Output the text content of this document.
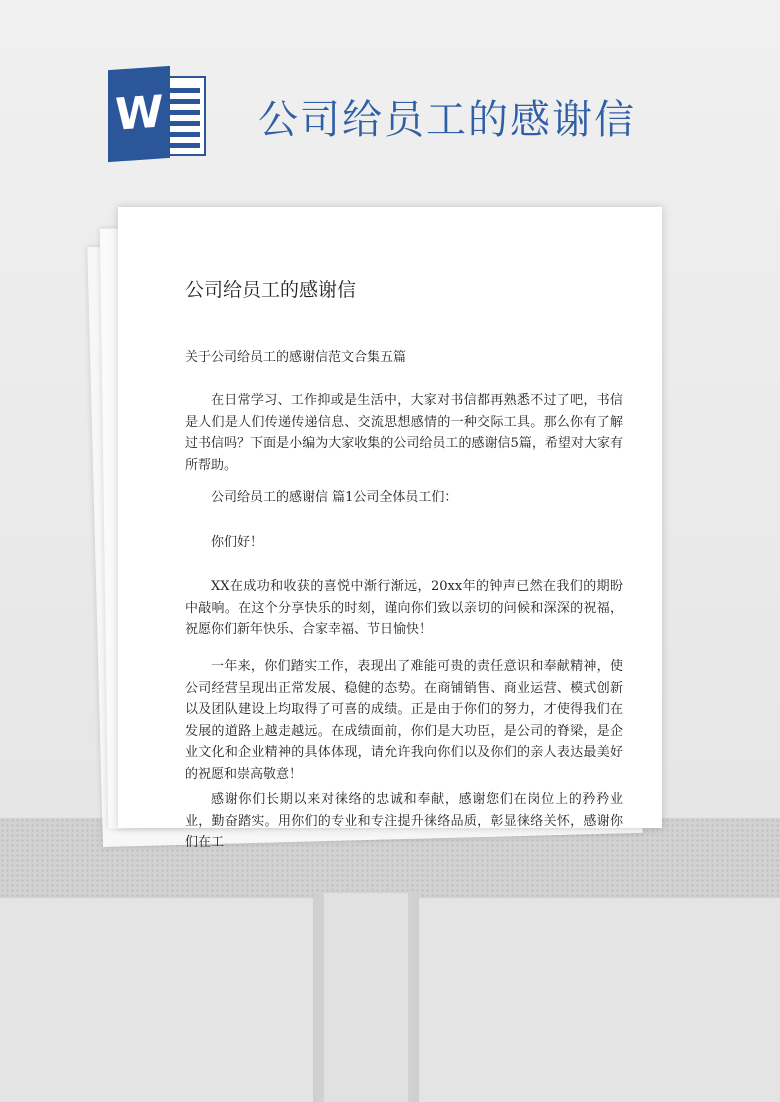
W 公司给员工的感谢信
公司给员工的感谢信
关于公司给员工的感谢信范文合集五篇
在日常学习、工作抑或是生活中，大家对书信都再熟悉不过了吧，书信是人们是人们传递传递信息、交流思想感情的一种交际工具。那么你有了解过书信吗？下面是小编为大家收集的公司给员工的感谢信5篇，希望对大家有所帮助。
公司给员工的感谢信 篇1公司全体员工们：
你们好！
XX在成功和收获的喜悦中渐行渐远，20xx年的钟声已然在我们的期盼中敲响。在这个分享快乐的时刻，谨向你们致以亲切的问候和深深的祝福，祝愿你们新年快乐、合家幸福、节日愉快！
一年来，你们踏实工作，表现出了难能可贵的责任意识和奉献精神，使公司经营呈现出正常发展、稳健的态势。在商铺销售、商业运营、模式创新以及团队建设上均取得了可喜的成绩。正是由于你们的努力，才使得我们在发展的道路上越走越远。在成绩面前，你们是大功臣，是公司的脊梁，是企业文化和企业精神的具体体现，请允许我向你们以及你们的亲人表达最美好的祝愿和崇高敬意！
感谢你们长期以来对徕络的忠诚和奉献，感谢您们在岗位上的矜矜业业，勤奋踏实。用你们的专业和专注提升徕络品质，彰显徕络关怀，感谢你们在工
